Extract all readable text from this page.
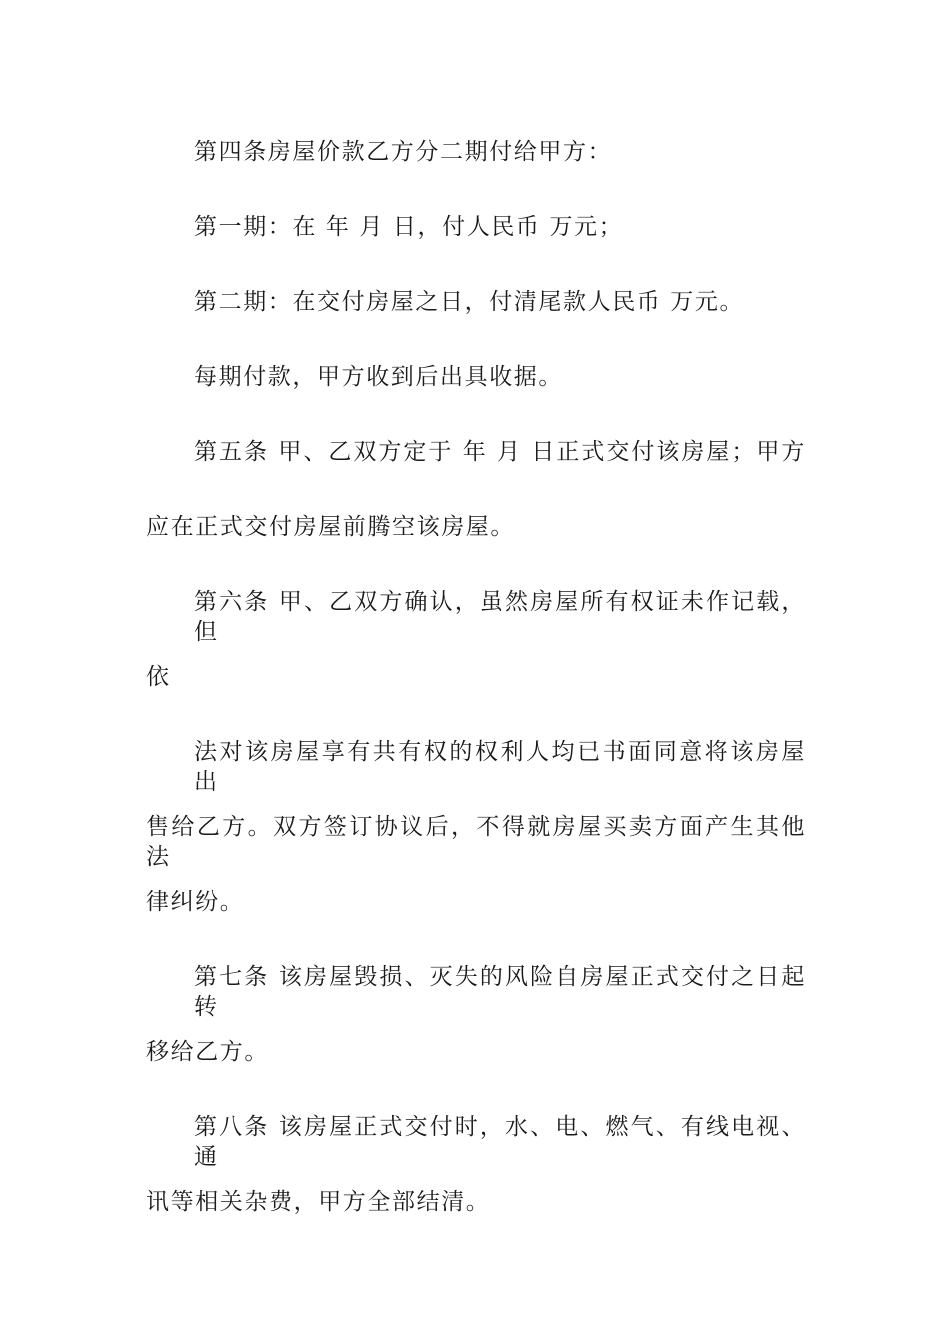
第四条房屋价款乙方分二期付给甲方：
第一期：在 年 月 日，付人民币 万元；
第二期：在交付房屋之日，付清尾款人民币 万元。
每期付款，甲方收到后出具收据。
第五条 甲、乙双方定于 年 月 日正式交付该房屋；甲方
应在正式交付房屋前腾空该房屋。
第六条 甲、乙双方确认，虽然房屋所有权证未作记载，但
依
法对该房屋享有共有权的权利人均已书面同意将该房屋出
售给乙方。双方签订协议后，不得就房屋买卖方面产生其他法
律纠纷。
第七条 该房屋毁损、灭失的风险自房屋正式交付之日起转
移给乙方。
第八条 该房屋正式交付时，水、电、燃气、有线电视、通
讯等相关杂费，甲方全部结清。
